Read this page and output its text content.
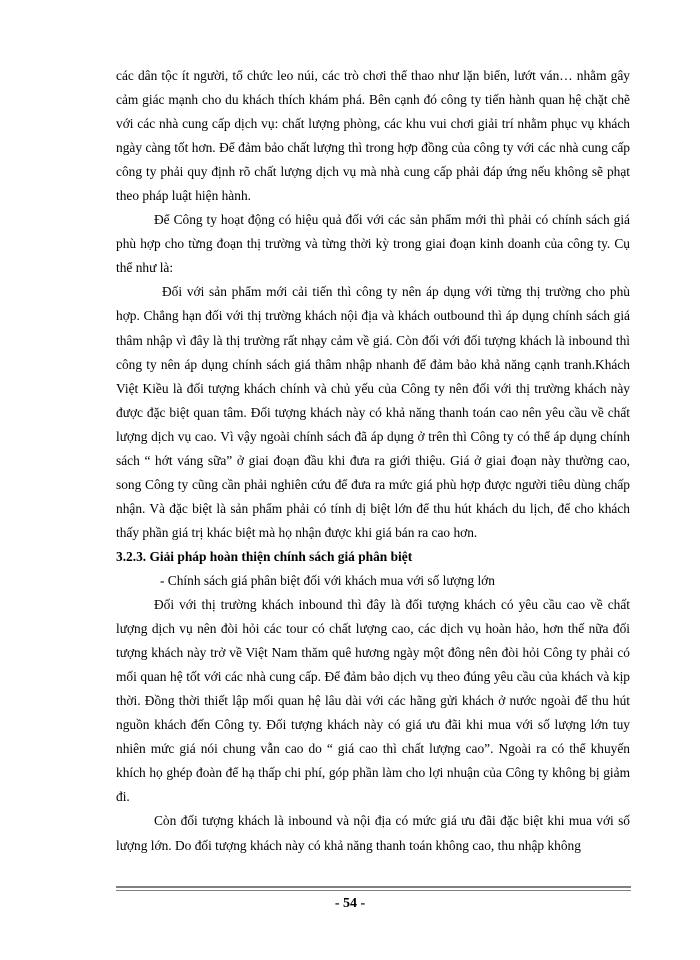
các dân tộc ít người, tổ chức leo núi, các trò chơi thể thao như lặn biển, lướt ván… nhằm gây cảm giác mạnh cho du khách thích khám phá. Bên cạnh đó công ty tiến hành quan hệ chặt chẽ với các nhà cung cấp dịch vụ: chất lượng phòng, các khu vui chơi giải trí nhằm phục vụ khách ngày càng tốt hơn. Để đảm bảo chất lượng thì trong hợp đồng của công ty với các nhà cung cấp công ty phải quy định rõ chất lượng dịch vụ mà nhà cung cấp phải đáp ứng nếu không sẽ phạt theo pháp luật hiện hành.

Để Công ty hoạt động có hiệu quả đối với các sản phẩm mới thì phải có chính sách giá phù hợp cho từng đoạn thị trường và từng thời kỳ trong giai đoạn kinh doanh của công ty. Cụ thể như là:

Đối với sản phẩm mới cải tiến thì công ty nên áp dụng với từng thị trường cho phù hợp. Chẳng hạn đối với thị trường khách nội địa và khách outbound thì áp dụng chính sách giá thâm nhập vì đây là thị trường rất nhạy cảm về giá. Còn đối với đối tượng khách là inbound thì công ty nên áp dụng chính sách giá thâm nhập nhanh để đảm bảo khả năng cạnh tranh.Khách Việt Kiều là đối tượng khách chính và chủ yếu của Công ty nên đối với thị trường khách này được đặc biệt quan tâm. Đối tượng khách này có khả năng thanh toán cao nên yêu cầu về chất lượng dịch vụ cao. Vì vậy ngoài chính sách đã áp dụng ở trên thì Công ty có thể áp dụng chính sách “ hớt váng sữa” ở giai đoạn đầu khi đưa ra giới thiệu. Giá ở giai đoạn này thường cao, song Công ty cũng cần phải nghiên cứu để đưa ra mức giá phù hợp được người tiêu dùng chấp nhận. Và đặc biệt là sản phẩm phải có tính dị biệt lớn để thu hút khách du lịch, để cho khách thấy phần giá trị khác biệt mà họ nhận được khi giá bán ra cao hơn.

3.2.3. Giải pháp hoàn thiện chính sách giá phân biệt

- Chính sách giá phân biệt đối với khách mua với số lượng lớn

Đối với thị trường khách inbound thì đây là đối tượng khách có yêu cầu cao về chất lượng dịch vụ nên đòi hỏi các tour có chất lượng cao, các dịch vụ hoàn hảo, hơn thế nữa đối tượng khách này trở về Việt Nam thăm quê hương ngày một đông nên đòi hỏi Công ty phải có mối quan hệ tốt với các nhà cung cấp. Để đảm bảo dịch vụ theo đúng yêu cầu của khách và kịp thời. Đồng thời thiết lập mối quan hệ lâu dài với các hãng gửi khách ở nước ngoài để thu hút nguồn khách đến Công ty. Đối tượng khách này có giá ưu đãi khi mua với số lượng lớn tuy nhiên mức giá nói chung vẫn cao do “ giá cao thì chất lượng cao”. Ngoài ra có thể khuyến khích họ ghép đoàn để hạ thấp chi phí, góp phần làm cho lợi nhuận của Công ty không bị giảm đi.

Còn đối tượng khách là inbound và nội địa có mức giá ưu đãi đặc biệt khi mua với số lượng lớn. Do đối tượng khách này có khả năng thanh toán không cao, thu nhập không

- 54 -
